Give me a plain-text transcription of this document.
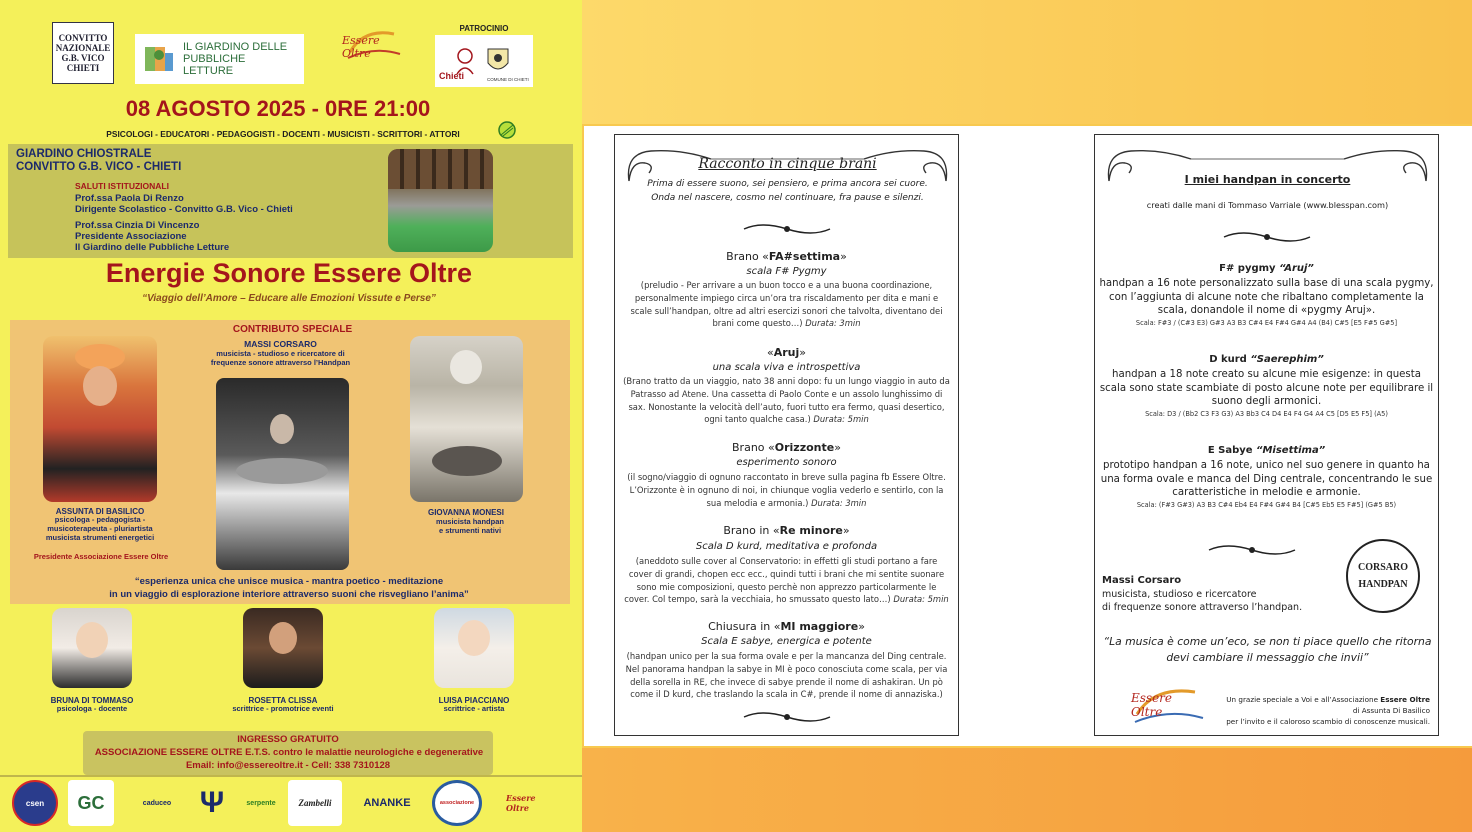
CONVITTO NAZIONALE G.B. VICO CHIETI
IL GIARDINO DELLE PUBBLICHE LETTURE
Essere Oltre
PATROCINIO
Chieti	COMUNE DI CHIETI
08 AGOSTO 2025 - 0RE 21:00
PSICOLOGI - EDUCATORI - PEDAGOGISTI - DOCENTI - MUSICISTI - SCRITTORI - ATTORI
GIARDINO CHIOSTRALE
CONVITTO G.B. VICO - CHIETI
SALUTI ISTITUZIONALI
Prof.ssa Paola Di Renzo
Dirigente Scolastico - Convitto G.B. Vico - Chieti
Prof.ssa Cinzia Di Vincenzo
Presidente Associazione
Il Giardino delle Pubbliche Letture
Energie Sonore Essere Oltre
“Viaggio dell’Amore – Educare alle Emozioni Vissute e Perse”
CONTRIBUTO SPECIALE
MASSI CORSARO
musicista - studioso e ricercatore di
frequenze sonore attraverso l’Handpan
ASSUNTA DI BASILICO
psicologa - pedagogista -
musicoterapeuta - pluriartista
musicista strumenti energetici
Presidente Associazione Essere Oltre
GIOVANNA MONESI
musicista handpan
e strumenti nativi
“esperienza unica che unisce musica - mantra poetico - meditazione
in un viaggio di esplorazione interiore attraverso suoni che risvegliano l’anima”
BRUNA DI TOMMASO
psicologa - docente
ROSETTA CLISSA
scrittrice - promotrice eventi
LUISA PIACCIANO
scrittrice - artista
INGRESSO GRATUITO
ASSOCIAZIONE ESSERE OLTRE E.T.S. contro le malattie neurologiche e degenerative
Email: info@essereoltre.it - Cell: 338 7310128
csen GC	caduceo Ψ	serpente	Zambelli	ANANKE	associazione	Essere Oltre
Racconto in cinque brani
Prima di essere suono, sei pensiero, e prima ancora sei cuore.
Onda nel nascere, cosmo nel continuare, fra pause e silenzi.
Brano «FA#settima»
scala F# Pygmy
(preludio - Per arrivare a un buon tocco e a una buona coordinazione, personalmente impiego circa un’ora tra riscaldamento per dita e mani e scale sull’handpan, oltre ad altri esercizi sonori che talvolta, diventano dei brani come questo…) Durata: 3min
«Aruj»
una scala viva e introspettiva
(Brano tratto da un viaggio, nato 38 anni dopo: fu un lungo viaggio in auto da Patrasso ad Atene. Una cassetta di Paolo Conte e un assolo lunghissimo di sax. Nonostante la velocità dell’auto, fuori tutto era fermo, quasi desertico, ogni tanto qualche casa.) Durata: 5min
Brano «Orizzonte»
esperimento sonoro
(il sogno/viaggio di ognuno raccontato in breve sulla pagina fb Essere Oltre. L’Orizzonte è in ognuno di noi, in chiunque voglia vederlo e sentirlo, con la sua melodia e armonia.) Durata: 3min
Brano in «Re minore»
Scala D kurd, meditativa e profonda
(aneddoto sulle cover al Conservatorio: in effetti gli studi portano a fare cover di grandi, chopen ecc ecc., quindi tutti i brani che mi sentite suonare sono mie composizioni, questo perchè non apprezzo particolarmente le cover. Col tempo, sarà la vecchiaia, ho smussato questo lato…) Durata: 5min
Chiusura in «MI maggiore»
Scala E sabye, energica e potente
(handpan unico per la sua forma ovale e per la mancanza del Ding centrale. Nel panorama handpan la sabye in MI è poco conosciuta come scala, per via della sorella in RE, che invece di sabye prende il nome di ashakiran. Un pò come il D kurd, che traslando la scala in C#, prende il nome di annaziska.)
I miei handpan in concerto
creati dalle mani di Tommaso Varriale (www.blesspan.com)
F# pygmy “Aruj”
handpan a 16 note personalizzato sulla base di una scala pygmy, con l’aggiunta di alcune note che ribaltano completamente la scala, donandole il nome di «pygmy Aruj».
Scala: F#3 / (C#3 E3) G#3 A3 B3 C#4 E4 F#4 G#4 A4 (B4) C#5 [E5 F#5 G#5]
D kurd “Saerephim”
handpan a 18 note creato su alcune mie esigenze: in questa scala sono state scambiate di posto alcune note per equilibrare il suono degli armonici.
Scala: D3 / (Bb2 C3 F3 G3) A3 Bb3 C4 D4 E4 F4 G4 A4 C5 [D5 E5 F5] (A5)
E Sabye “Misettima”
prototipo handpan a 16 note, unico nel suo genere in quanto ha una forma ovale e manca del Ding centrale, concentrando le sue caratteristiche in melodie e armonie.
Scala: (F#3 G#3) A3 B3 C#4 Eb4 E4 F#4 G#4 B4 [C#5 Eb5 E5 F#5] (G#5 B5)
Massi Corsaro
musicista, studioso e ricercatore
di frequenze sonore attraverso l’handpan.
CORSARO
HANDPAN
“La musica è come un’eco, se non ti piace quello che ritorna
devi cambiare il messaggio che invii”
Essere Oltre
Un grazie speciale a Voi e all’Associazione Essere Oltre
di Assunta Di Basilico
per l’invito e il caloroso scambio di conoscenze musicali.
